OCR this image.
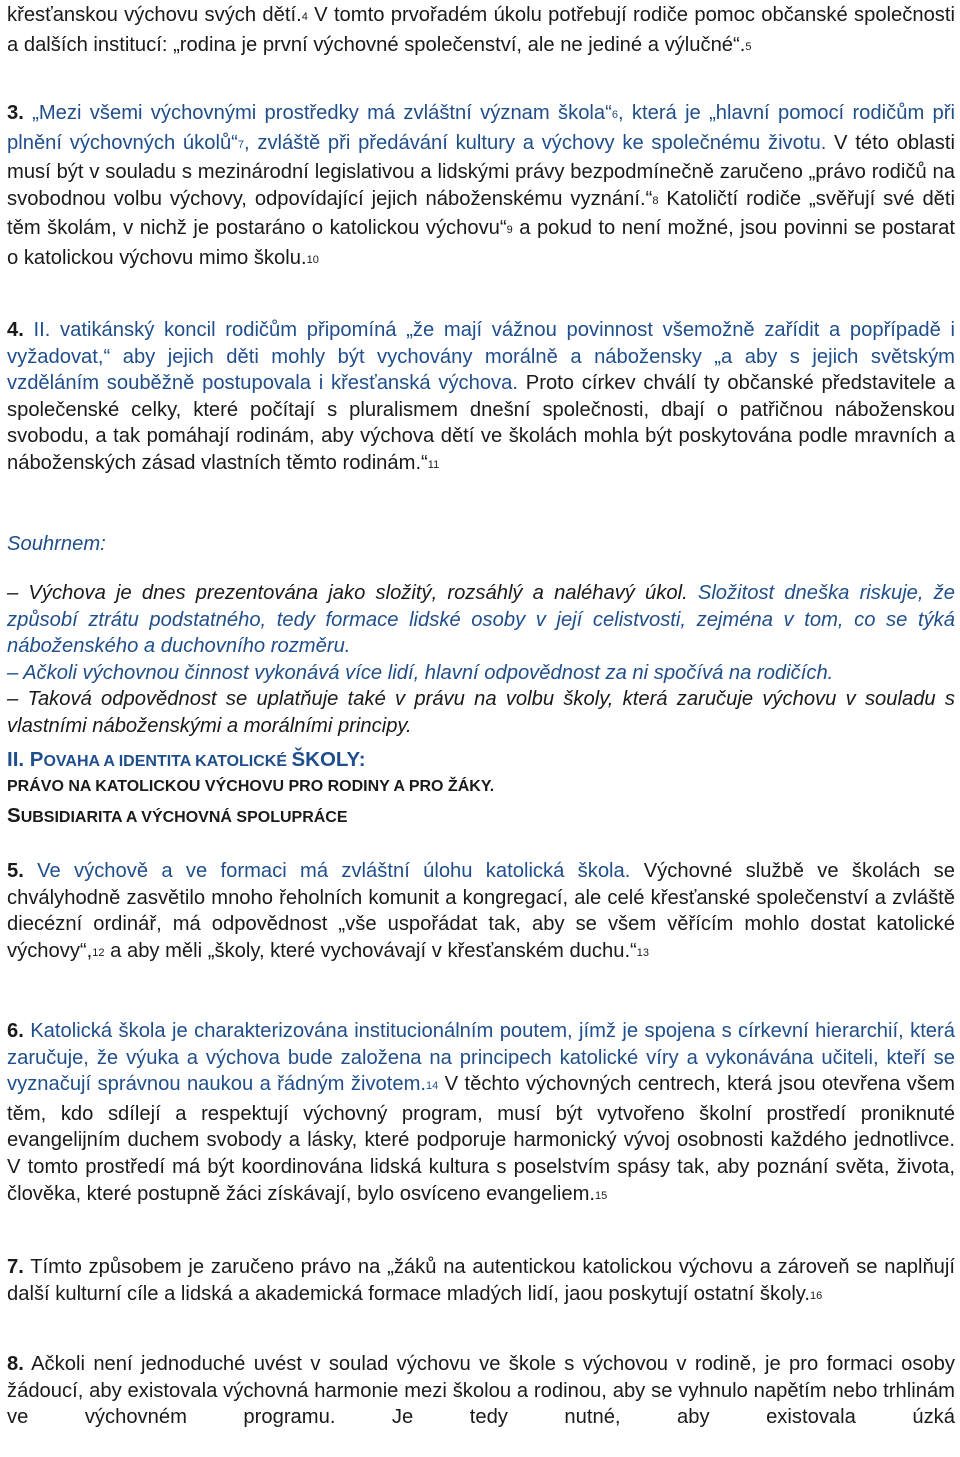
křesťanskou výchovu svých dětí.4 V tomto prvořadém úkolu potřebují rodiče pomoc občanské společnosti a dalších institucí: „rodina je první výchovné společenství, ale ne jediné a výlučné“.5

3. „Mezi všemi výchovnými prostředky má zvláštní význam škola“6, která je „hlavní pomocí rodičům při plnění výchovných úkolů“7, zvláště při předávání kultury a výchovy ke společnému životu. V této oblasti musí být v souladu s mezinárodní legislativou a lidskými právy bezpodmínečně zaručeno „právo rodičů na svobodnou volbu výchovy, odpovídající jejich náboženskému vyznání.“8 Katoličtí rodiče „svěřují své děti těm školám, v nichž je postaráno o katolickou výchovu“9 a pokud to není možné, jsou povinni se postarat o katolickou výchovu mimo školu.10

4. II. vatikánský koncil rodičům připomíná „že mají vážnou povinnost všemožně zařídit a popřípadě i vyžadovat,“ aby jejich děti mohly být vychovány morálně a nábožensky „a aby s jejich světským vzděláním souběžně postupovala i křesťanská výchova. Proto církev chválí ty občanské představitele a společenské celky, které počítají s pluralismem dnešní společnosti, dbají o patřičnou náboženskou svobodu, a tak pomáhají rodinám, aby výchova dětí ve školách mohla být poskytována podle mravních a náboženských zásad vlastních těmto rodinám.“11

Souhrnem:

– Výchova je dnes prezentována jako složitý, rozsáhlý a naléhavý úkol. Složitost dneška riskuje, že způsobí ztrátu podstatného, tedy formace lidské osoby v její celistvosti, zejména v tom, co se týká náboženského a duchovního rozměru.

– Ačkoli výchovnou činnost vykonává více lidí, hlavní odpovědnost za ni spočívá na rodičích.

– Taková odpovědnost se uplatňuje také v právu na volbu školy, která zaručuje výchovu v souladu s vlastními náboženskými a morálními principy.

II. POVAHA A IDENTITA KATOLICKÉ ŠKOLY:
PRÁVO NA KATOLICKOU VÝCHOVU PRO RODINY A PRO ŽÁKY.
SUBSIDIARITA A VÝCHOVNÁ SPOLUPRÁCE

5. Ve výchově a ve formaci má zvláštní úlohu katolická škola. Výchovné službě ve školách se chvályhodně zasvětilo mnoho řeholních komunit a kongregací, ale celé křesťanské společenství a zvláště diecézní ordinář, má odpovědnost „vše uspořádat tak, aby se všem věřícím mohlo dostat katolické výchovy“,12 a aby měli „školy, které vychovávají v křesťanském duchu.“13

6. Katolická škola je charakterizována institucionálním poutem, jímž je spojena s církevní hierarchií, která zaručuje, že výuka a výchova bude založena na principech katolické víry a vykonávána učiteli, kteří se vyznačují správnou naukou a řádným životem.14 V těchto výchovných centrech, která jsou otevřena všem těm, kdo sdílejí a respektují výchovný program, musí být vytvořeno školní prostředí proniknuté evangelijním duchem svobody a lásky, které podporuje harmonický vývoj osobnosti každého jednotlivce. V tomto prostředí má být koordinována lidská kultura s poselstvím spásy tak, aby poznání světa, života, člověka, které postupně žáci získávají, bylo osvíceno evangeliem.15

7. Tímto způsobem je zaručeno právo na „žáků na autentickou katolickou výchovu a zároveň se naplňují další kulturní cíle a lidská a akademická formace mladých lidí, jaou poskytují ostatní školy.16

8. Ačkoli není jednoduché uvést v soulad výchovu ve škole s výchovou v rodině, je pro formaci osoby žádoucí, aby existovala výchovná harmonie mezi školou a rodinou, aby se vyhnulo napětím nebo trhlinám ve výchovném programu. Je tedy nutné, aby existovala úzká
